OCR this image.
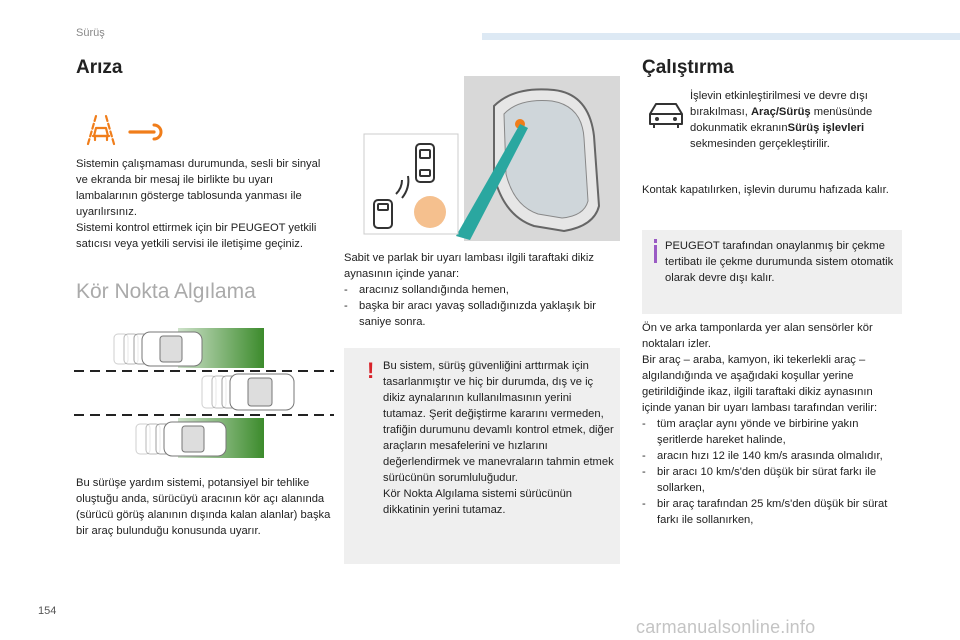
Sürüş
Arıza

Sistemin çalışmaması durumunda, sesli bir sinyal ve ekranda bir mesaj ile birlikte bu uyarı lambalarının gösterge tablosunda yanması ile uyarılırsınız.

Sistemi kontrol ettirmek için bir PEUGEOT yetkili satıcısı veya yetkili servisi ile iletişime geçiniz.

Kör Nokta Algılama
Bu sürüşe yardım sistemi, potansiyel bir tehlike oluştuğu anda, sürücüyü aracının kör açı alanında (sürücü görüş alanının dışında kalan alanlar) başka bir araç bulunduğu konusunda uyarır.

Sabit ve parlak bir uyarı lambası ilgili taraftaki dikiz aynasının içinde yanar:

- aracınız sollandığında hemen,
- başka bir aracı yavaş solladığınızda yaklaşık bir saniye sonra.
! Bu sistem, sürüş güvenliğini arttırmak için tasarlanmıştır ve hiç bir durumda, dış ve iç dikiz aynalarının kullanılmasının yerini tutamaz. Şerit değiştirme kararını vermeden, trafiğin durumunu devamlı kontrol etmek, diğer araçların mesafelerini ve hızlarını değerlendirmek ve manevraların tahmin etmek sürücünün sorumluluğudur.

Kör Nokta Algılama sistemi sürücünün dikkatinin yerini tutamaz.

Çalıştırma
İşlevin etkinleştirilmesi ve devre dışı bırakılması, Araç/Sürüş menüsünde dokunmatik ekranınSürüş işlevleri sekmesinden gerçekleştirilir.
Kontak kapatılırken, işlevin durumu hafızada kalır.
PEUGEOT tarafından onaylanmış bir çekme tertibatı ile çekme durumunda sistem otomatik olarak devre dışı kalır.

Ön ve arka tamponlarda yer alan sensörler kör noktaları izler.

Bir araç – araba, kamyon, iki tekerlekli araç – algılandığında ve aşağıdaki koşullar yerine getirildiğinde ikaz, ilgili taraftaki dikiz aynasının içinde yanan bir uyarı lambası tarafından verilir:

- tüm araçlar aynı yönde ve birbirine yakın şeritlerde hareket halinde,
- aracın hızı 12 ile 140 km/s arasında olmalıdır,
- bir aracı 10 km/s'den düşük bir sürat farkı ile sollarken,
- bir araç tarafından 25 km/s'den düşük bir sürat farkı ile sollanırken,
154
carmanualsonline.info
